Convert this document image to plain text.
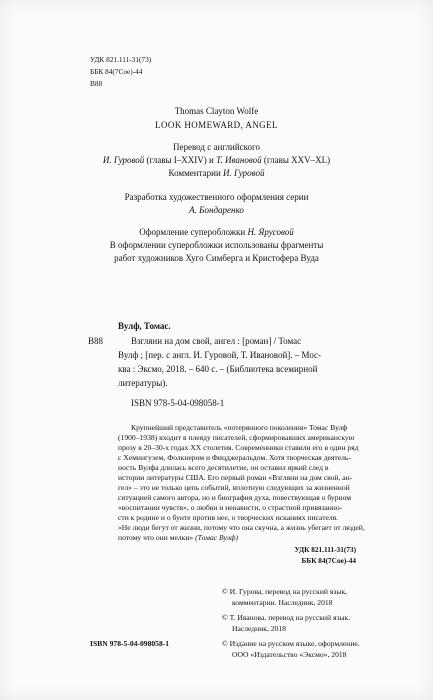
УДК 821.111-31(73)
ББК 84(7Сое)-44
В88
Thomas Clayton Wolfe
LOOK HOMEWARD, ANGEL
Перевод с английского
И. Гуровой (главы I–XXIV) и Т. Ивановой (главы XXV–XL)
Комментарии И. Гуровой
Разработка художественного оформления серии
А. Бондаренко
Оформление суперобложки Н. Ярусовой
В оформлении суперобложки использованы фрагменты
работ художников Хуго Симберга и Кристофера Вуда
Вулф, Томас.
В88	Взгляни на дом свой, ангел : [роман] / Томас
Вулф ; [пер. с англ. И. Гуровой, Т. Ивановой]. – Мос-
ква : Эксмо, 2018. – 640 с. – (Библиотека всемирной
литературы).
ISBN 978-5-04-098058-1
Крупнейший представитель «потерянного поколения» Томас Вулф
(1900–1938) входит в плеяду писателей, сформировавших американскую
прозу в 20–30-х годах XX столетия. Современники ставили его в один ряд
с Хемингуэем, Фолкнером и Фицджеральдом. Хотя творческая деятель-
ность Вулфа длилась всего десятилетие, он оставил яркий след в
истории литературы США. Его первый роман «Взгляни на дом свой, ан-
гел» – это не только цепь событий, вплотную следующих за жизненной
ситуацией самого автора, но и биография духа, повествующая о бурном
«воспитании чувств», о любви и ненависти, о страстной привязанно-
сти к родине и о бунте против нее, о творческих исканиях писателя.
«Не люди бегут от жизни, потому что она скучна, а жизнь убегает от людей,
потому что они мелки» (Томас Вулф)
УДК 821.111-31(73)
ББК 84(7Сое)-44
© И. Гурова, перевод на русский язык,
комментарии. Наследник, 2018
© Т. Иванова, перевод на русский язык.
Наследник, 2018
© Издание на русском языке, оформление.
ООО «Издательство «Эксмо», 2018
ISBN 978-5-04-098058-1
